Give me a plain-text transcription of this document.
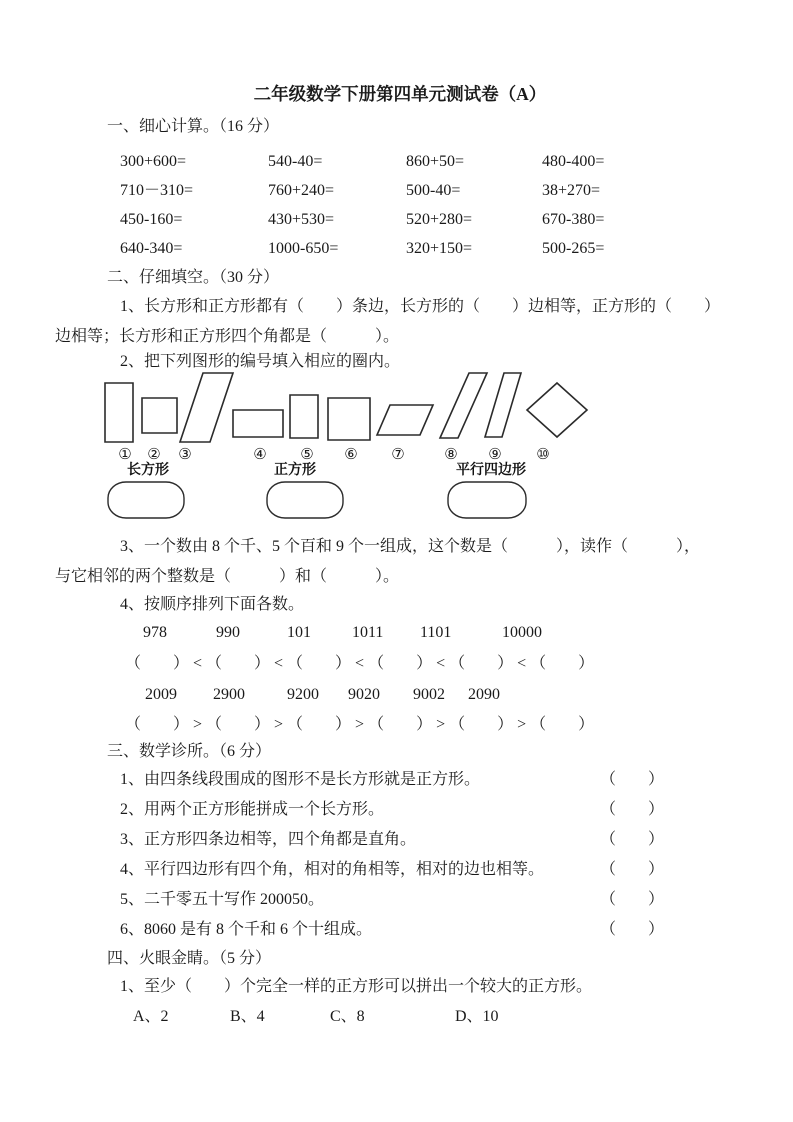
二年级数学下册第四单元测试卷（A）
一、细心计算。（16 分）
300+600=	540-40=	860+50=	480-400=
710－310=	760+240=	500-40=	38+270=
450-160=	430+530=	520+280=	670-380=
640-340=	1000-650=	320+150=	500-265=
二、仔细填空。（30 分）
1、长方形和正方形都有（　　）条边，长方形的（　　）边相等，正方形的（　　）
边相等；长方形和正方形四个角都是（　　　）。
2、把下列图形的编号填入相应的圈内。
① ② ③	④ ⑤ ⑥ ⑦	⑧ ⑨ ⑩
长方形	正方形	平行四边形
3、一个数由 8 个千、5 个百和 9 个一组成，这个数是（　　　），读作（　　　），
与它相邻的两个整数是（　　　）和（　　　）。
4、按顺序排列下面各数。
978	990	101	1011 1101	10000
（　　） < （　　） < （　　） < （　　） < （　　） < （　　）
2009 2900	9200 9020 9002 2090
（　　） > （　　） > （　　） > （　　） > （　　） > （　　）
三、数学诊所。（6 分）
1、由四条线段围成的图形不是长方形就是正方形。	（　　）
2、用两个正方形能拼成一个长方形。	（　　）
3、正方形四条边相等，四个角都是直角。	（　　）
4、平行四边形有四个角，相对的角相等，相对的边也相等。	（　　）
5、二千零五十写作 200050。	（　　）
6、8060 是有 8 个千和 6 个十组成。	（　　）
四、火眼金睛。（5 分）
1、至少（　　）个完全一样的正方形可以拼出一个较大的正方形。
A、2	B、4	C、8	D、10
